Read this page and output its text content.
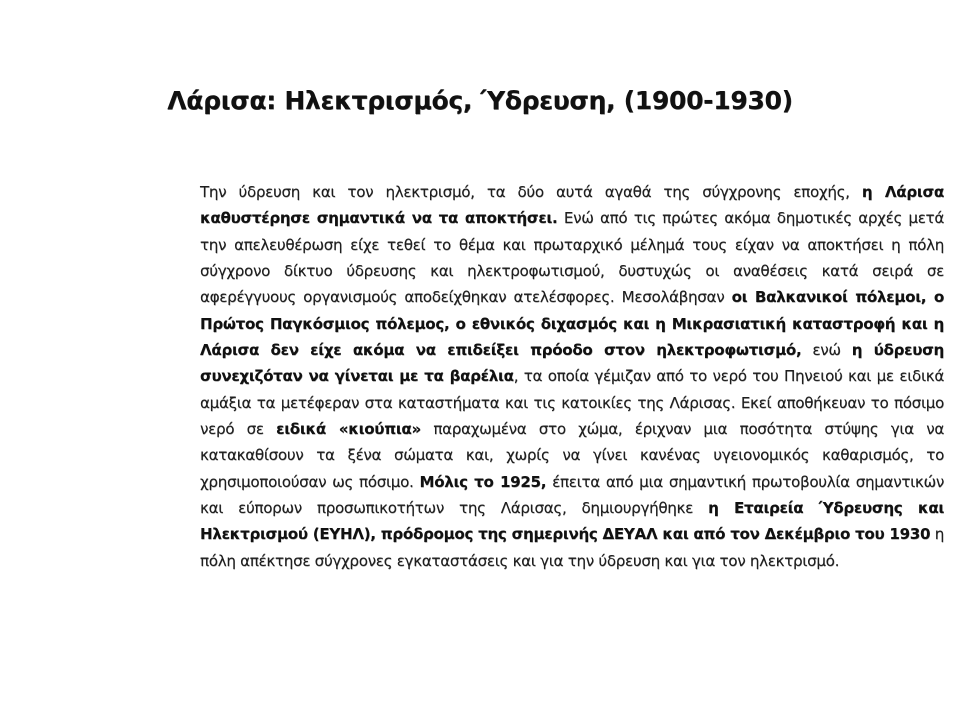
Λάρισα: Ηλεκτρισμός, Ύδρευση, (1900-1930)

Την ύδρευση και τον ηλεκτρισμό, τα δύο αυτά αγαθά της σύγχρονης εποχής, η Λάρισα καθυστέρησε σημαντικά να τα αποκτήσει. Ενώ από τις πρώτες ακόμα δημοτικές αρχές μετά την απελευθέρωση είχε τεθεί το θέμα και πρωταρχικό μέλημά τους είχαν να αποκτήσει η πόλη σύγχρονο δίκτυο ύδρευσης και ηλεκτροφωτισμού, δυστυχώς οι αναθέσεις κατά σειρά σε αφερέγγυους οργανισμούς αποδείχθηκαν ατελέσφορες. Μεσολάβησαν οι Βαλκανικοί πόλεμοι, ο Πρώτος Παγκόσμιος πόλεμος, ο εθνικός διχασμός και η Μικρασιατική καταστροφή και η Λάρισα δεν είχε ακόμα να επιδείξει πρόοδο στον ηλεκτροφωτισμό, ενώ η ύδρευση συνεχιζόταν να γίνεται με τα βαρέλια, τα οποία γέμιζαν από το νερό του Πηνειού και με ειδικά αμάξια τα μετέφεραν στα καταστήματα και τις κατοικίες της Λάρισας. Εκεί αποθήκευαν το πόσιμο νερό σε ειδικά «κιούπια» παραχωμένα στο χώμα, έριχναν μια ποσότητα στύψης για να κατακαθίσουν τα ξένα σώματα και, χωρίς να γίνει κανένας υγειονομικός καθαρισμός, το χρησιμοποιούσαν ως πόσιμο. Μόλις το 1925, έπειτα από μια σημαντική πρωτοβουλία σημαντικών και εύπορων προσωπικοτήτων της Λάρισας, δημιουργήθηκε η Εταιρεία Ύδρευσης και Ηλεκτρισμού (ΕΥΗΛ), πρόδρομος της σημερινής ΔΕΥΑΛ και από τον Δεκέμβριο του 1930 η πόλη απέκτησε σύγχρονες εγκαταστάσεις και για την ύδρευση και για τον ηλεκτρισμό.
